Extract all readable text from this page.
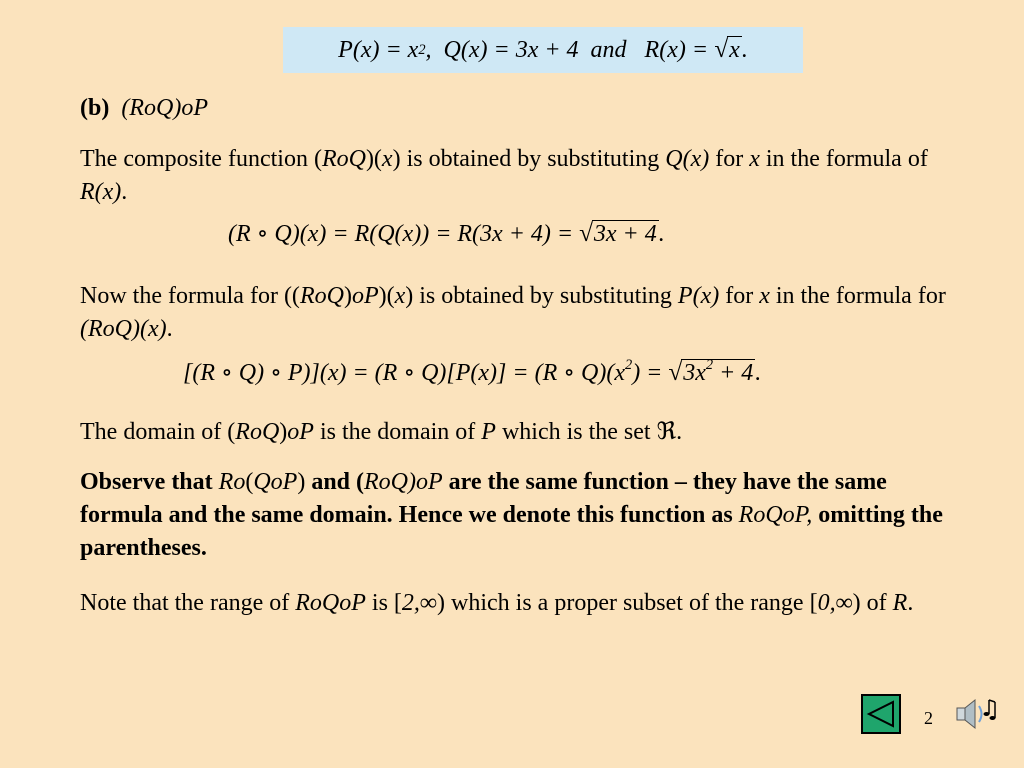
P (x) = x 2 ,  Q(x) = 3x + 4  and   R(x) = √x .
(b) (RoQ)oP
The composite function (RoQ)(x) is obtained by substituting Q(x) for x in the formula of R(x).
(R ∘ Q)(x) = R(Q(x)) = R(3x + 4) = √3x + 4.
Now the formula for ((RoQ)oP)(x) is obtained by substituting P(x) for x in the formula for (RoQ)(x).
[(R ∘ Q) ∘ P)](x) = (R ∘ Q)[P(x)] = (R ∘ $Q)(x^2) = √3x^2 + 4$.
The domain of (RoQ)oP is the domain of P which is the set ℜ.
Observe that Ro(QoP) and (RoQ)oP are the same function – they have the same formula and the same domain. Hence we denote this function as RoQoP, omitting the parentheses.
Note that the range of RoQoP is [2,∞) which is a proper subset of the range [0,∞) of R.
2
